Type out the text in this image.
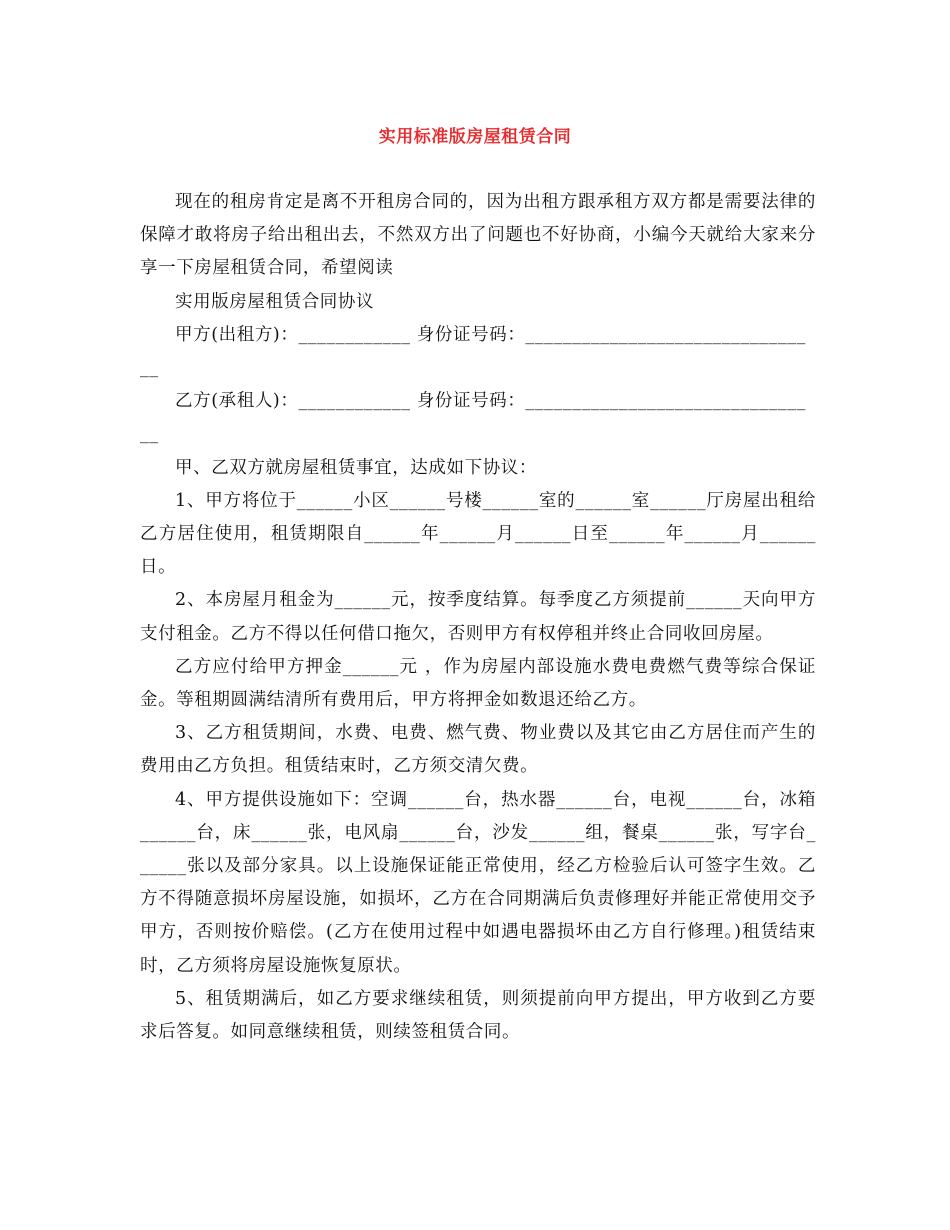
实用标准版房屋租赁合同

现在的租房肯定是离不开租房合同的，因为出租方跟承租方双方都是需要法律的保障才敢将房子给出租出去，不然双方出了问题也不好协商，小编今天就给大家来分享一下房屋租赁合同，希望阅读

实用版房屋租赁合同协议

甲方(出租方)：____________ 身份证号码：______________________________

__

乙方(承租人)：____________ 身份证号码：______________________________

__

甲、乙双方就房屋租赁事宜，达成如下协议：

1、甲方将位于______小区______号楼______室的______室______厅房屋出租给乙方居住使用，租赁期限自______年______月______日至______年______月______日。

2、本房屋月租金为______元，按季度结算。每季度乙方须提前______天向甲方支付租金。乙方不得以任何借口拖欠，否则甲方有权停租并终止合同收回房屋。

乙方应付给甲方押金______元 ，作为房屋内部设施水费电费燃气费等综合保证金。等租期圆满结清所有费用后，甲方将押金如数退还给乙方。

3、乙方租赁期间，水费、电费、燃气费、物业费以及其它由乙方居住而产生的费用由乙方负担。租赁结束时，乙方须交清欠费。

4、甲方提供设施如下：空调______台，热水器______台，电视______台，冰箱______台，床______张，电风扇______台，沙发______组，餐桌______张，写字台______张以及部分家具。以上设施保证能正常使用，经乙方检验后认可签字生效。乙方不得随意损坏房屋设施，如损坏，乙方在合同期满后负责修理好并能正常使用交予甲方，否则按价赔偿。(乙方在使用过程中如遇电器损坏由乙方自行修理。)租赁结束时，乙方须将房屋设施恢复原状。

5、租赁期满后，如乙方要求继续租赁，则须提前向甲方提出，甲方收到乙方要求后答复。如同意继续租赁，则续签租赁合同。
